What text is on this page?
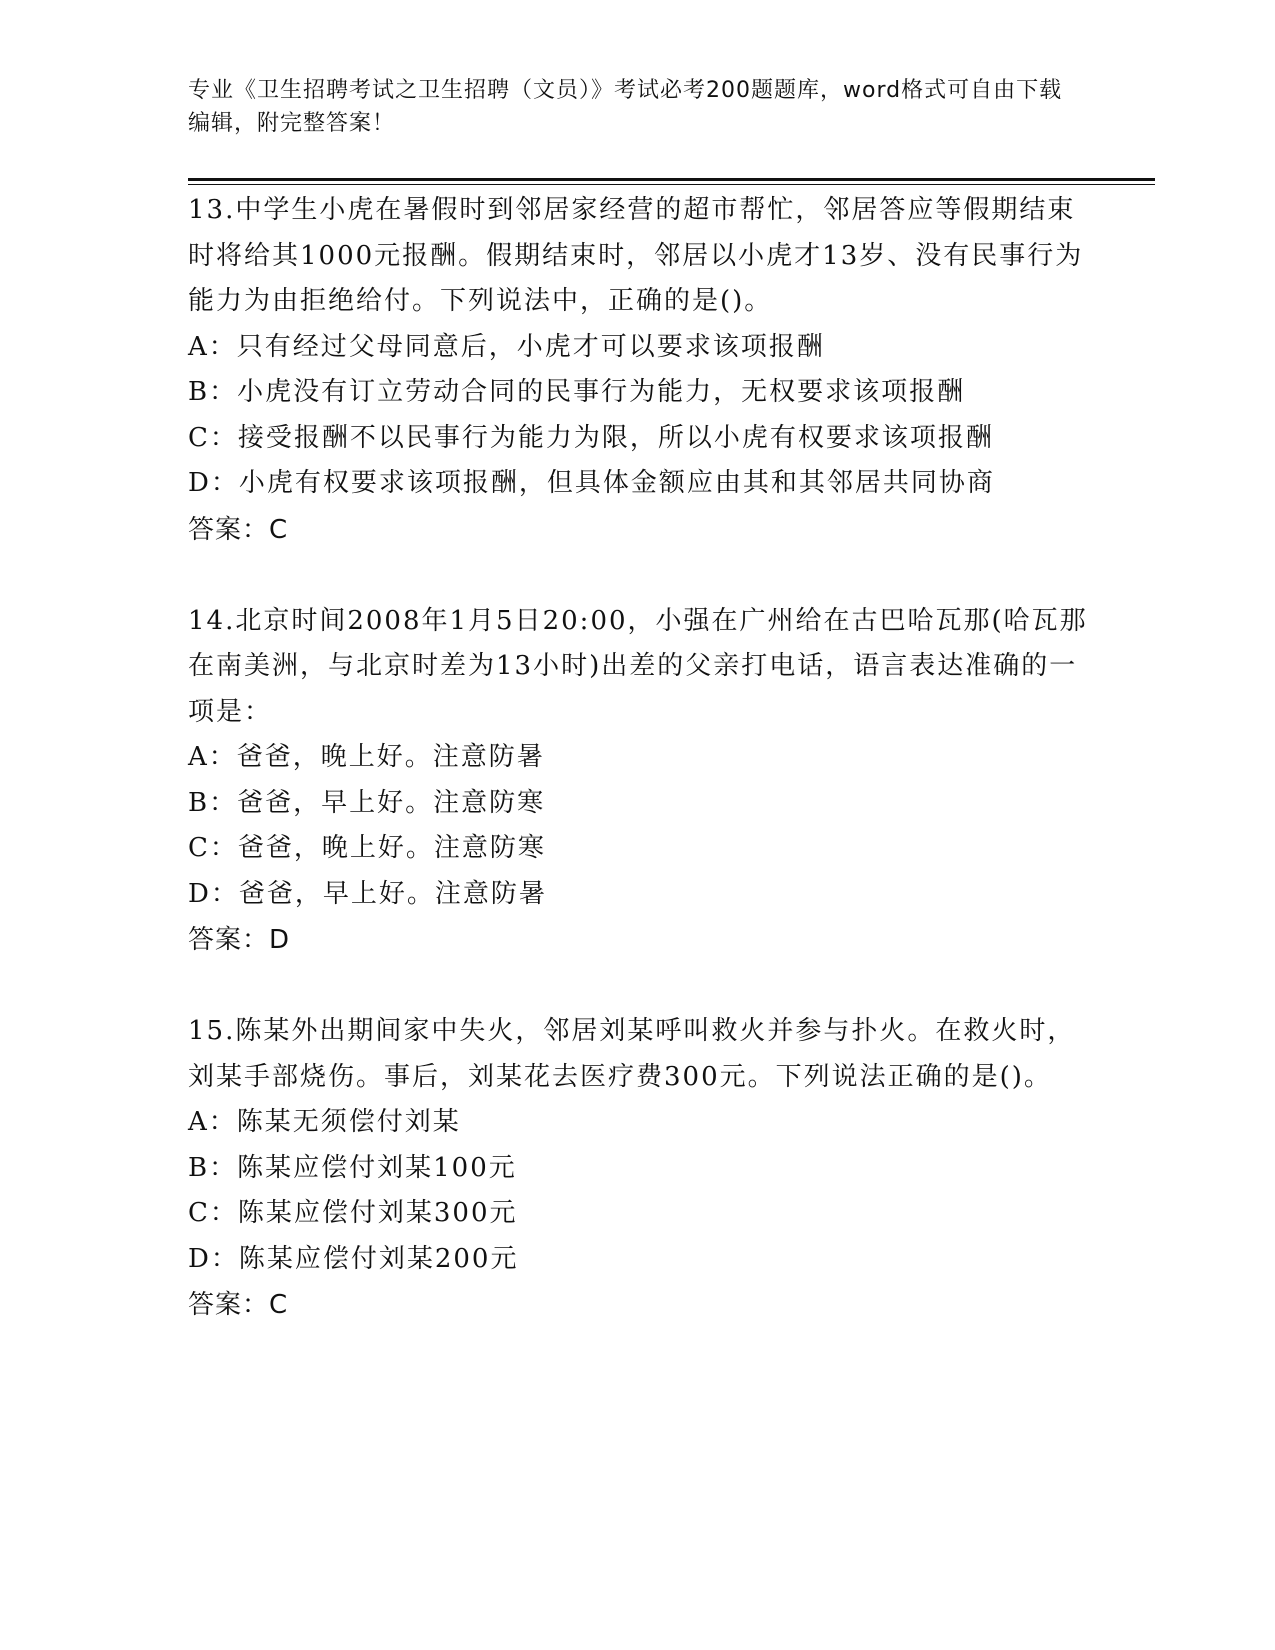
专业《卫生招聘考试之卫生招聘（文员）》考试必考200题题库，word格式可自由下载编辑，附完整答案！

13.中学生小虎在暑假时到邻居家经营的超市帮忙，邻居答应等假期结束时将给其1000元报酬。假期结束时，邻居以小虎才13岁、没有民事行为能力为由拒绝给付。下列说法中，正确的是()。

A：只有经过父母同意后，小虎才可以要求该项报酬

B：小虎没有订立劳动合同的民事行为能力，无权要求该项报酬

C：接受报酬不以民事行为能力为限，所以小虎有权要求该项报酬

D：小虎有权要求该项报酬，但具体金额应由其和其邻居共同协商

答案：C

14.北京时间2008年1月5日20:00，小强在广州给在古巴哈瓦那(哈瓦那在南美洲，与北京时差为13小时)出差的父亲打电话，语言表达准确的一项是：

A：爸爸，晚上好。注意防暑

B：爸爸，早上好。注意防寒

C：爸爸，晚上好。注意防寒

D：爸爸，早上好。注意防暑

答案：D

15.陈某外出期间家中失火，邻居刘某呼叫救火并参与扑火。在救火时，刘某手部烧伤。事后，刘某花去医疗费300元。下列说法正确的是()。

A：陈某无须偿付刘某

B：陈某应偿付刘某100元

C：陈某应偿付刘某300元

D：陈某应偿付刘某200元

答案：C
